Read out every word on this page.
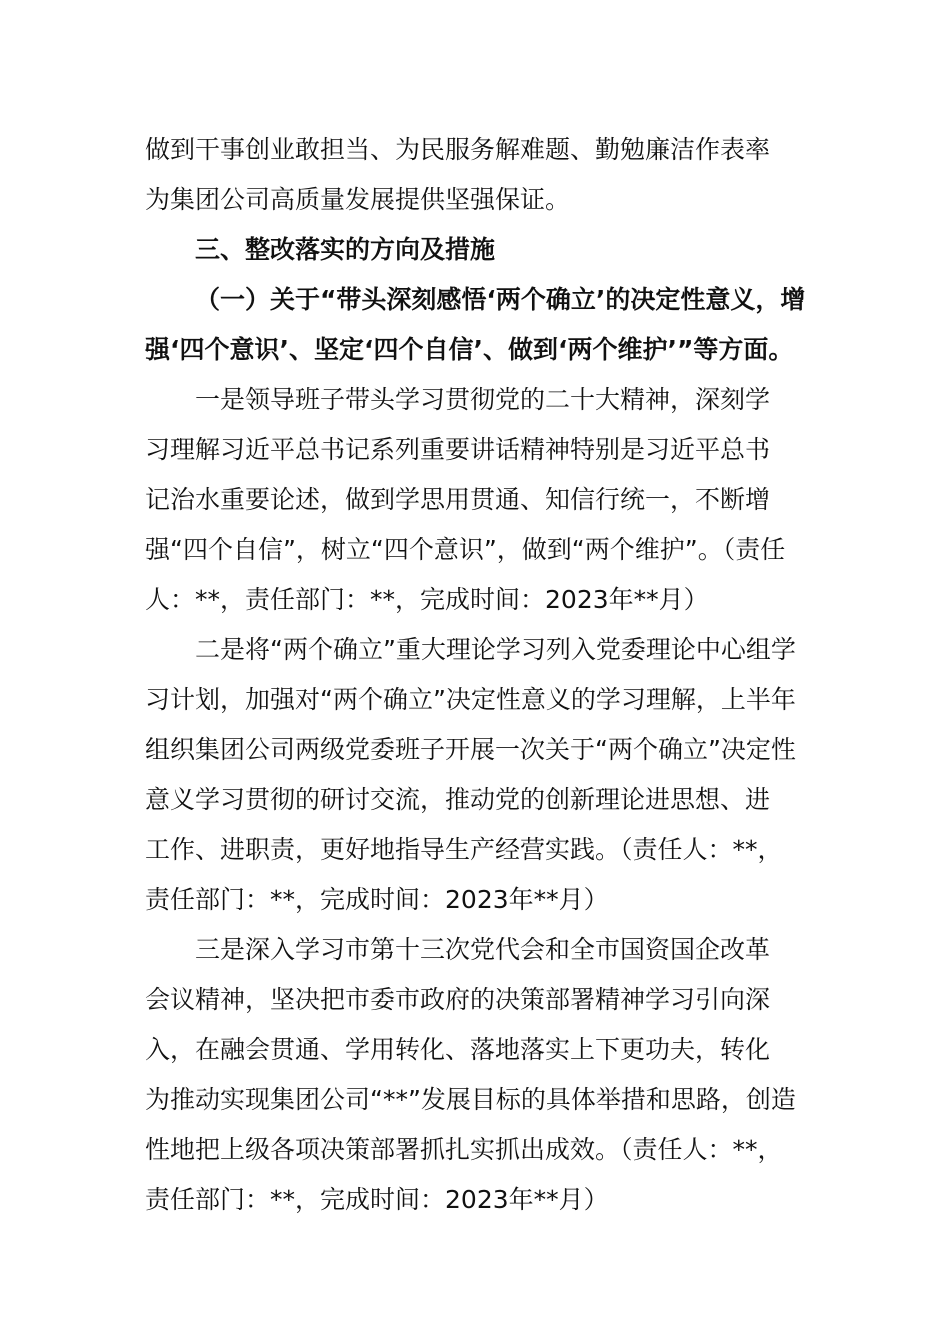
做到干事创业敢担当、为民服务解难题、勤勉廉洁作表率
为集团公司高质量发展提供坚强保证。
三、整改落实的方向及措施
（一）关于“带头深刻感悟‘两个确立’的决定性意义，增
强‘四个意识’、坚定‘四个自信’、做到‘两个维护’”等方面。
一是领导班子带头学习贯彻党的二十大精神，深刻学
习理解习近平总书记系列重要讲话精神特别是习近平总书
记治水重要论述，做到学思用贯通、知信行统一，不断增
强“四个自信”，树立“四个意识”，做到“两个维护”。（责任
人：**，责任部门：**，完成时间：2023年**月）
二是将“两个确立”重大理论学习列入党委理论中心组学
习计划，加强对“两个确立”决定性意义的学习理解，上半年
组织集团公司两级党委班子开展一次关于“两个确立”决定性
意义学习贯彻的研讨交流，推动党的创新理论进思想、进
工作、进职责，更好地指导生产经营实践。（责任人：**，
责任部门：**，完成时间：2023年**月）
三是深入学习市第十三次党代会和全市国资国企改革
会议精神，坚决把市委市政府的决策部署精神学习引向深
入，在融会贯通、学用转化、落地落实上下更功夫，转化
为推动实现集团公司“**”发展目标的具体举措和思路，创造
性地把上级各项决策部署抓扎实抓出成效。（责任人：**，
责任部门：**，完成时间：2023年**月）
